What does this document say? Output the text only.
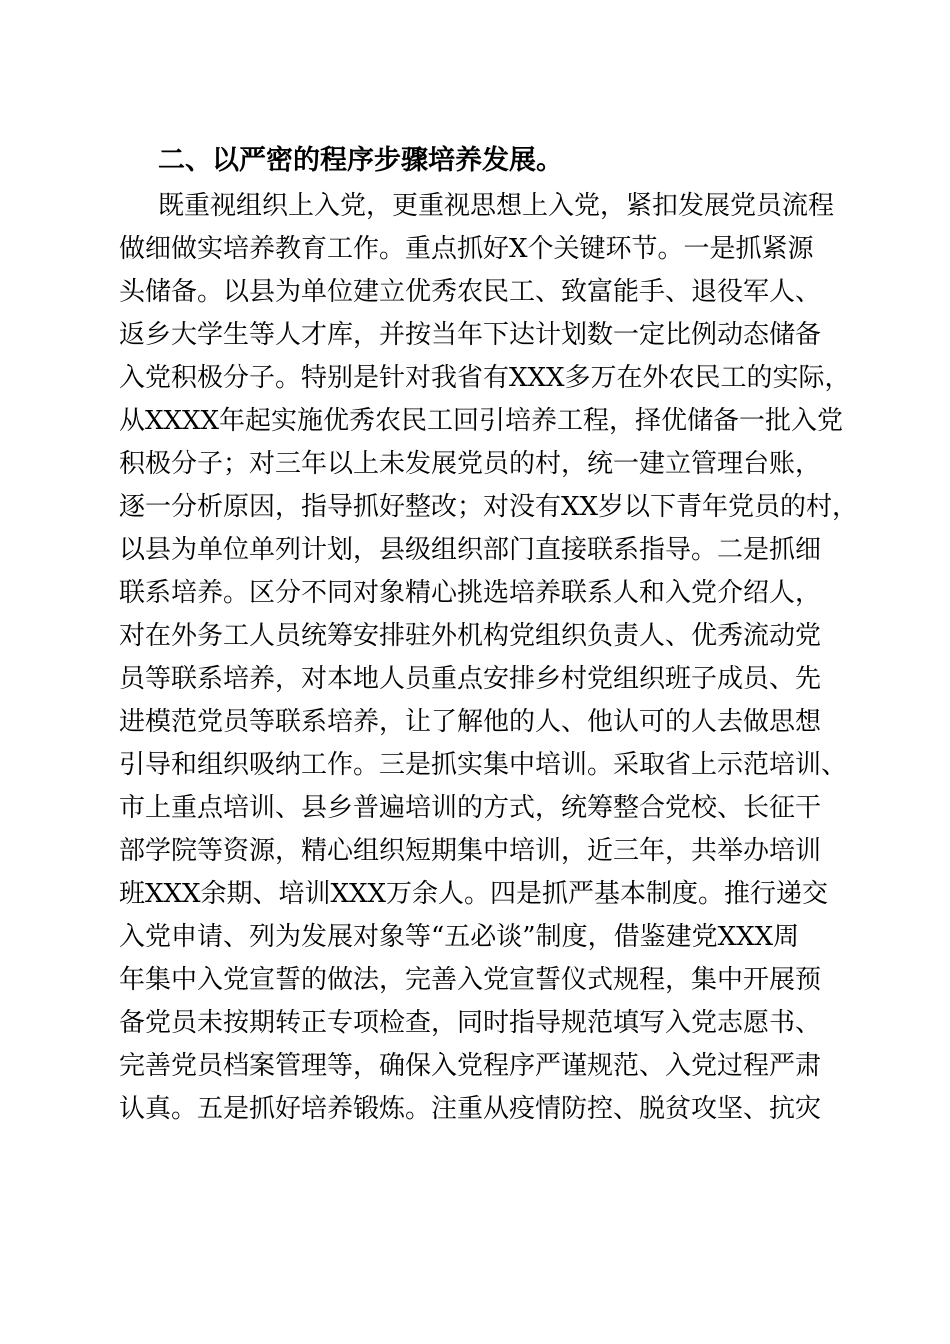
二、以严密的程序步骤培养发展。

既重视组织上入党，更重视思想上入党，紧扣发展党员流程

做细做实培养教育工作。重点抓好X个关键环节。一是抓紧源

头储备。以县为单位建立优秀农民工、致富能手、退役军人、

返乡大学生等人才库，并按当年下达计划数一定比例动态储备

入党积极分子。特别是针对我省有XXX多万在外农民工的实际，

从XXXX年起实施优秀农民工回引培养工程，择优储备一批入党

积极分子；对三年以上未发展党员的村，统一建立管理台账，

逐一分析原因，指导抓好整改；对没有XX岁以下青年党员的村，

以县为单位单列计划，县级组织部门直接联系指导。二是抓细

联系培养。区分不同对象精心挑选培养联系人和入党介绍人，

对在外务工人员统筹安排驻外机构党组织负责人、优秀流动党

员等联系培养，对本地人员重点安排乡村党组织班子成员、先

进模范党员等联系培养，让了解他的人、他认可的人去做思想

引导和组织吸纳工作。三是抓实集中培训。采取省上示范培训、

市上重点培训、县乡普遍培训的方式，统筹整合党校、长征干

部学院等资源，精心组织短期集中培训，近三年，共举办培训

班XXX余期、培训XXX万余人。四是抓严基本制度。推行递交

入党申请、列为发展对象等“五必谈”制度，借鉴建党XXX周

年集中入党宣誓的做法，完善入党宣誓仪式规程，集中开展预

备党员未按期转正专项检查，同时指导规范填写入党志愿书、

完善党员档案管理等，确保入党程序严谨规范、入党过程严肃

认真。五是抓好培养锻炼。注重从疫情防控、脱贫攻坚、抗灾
